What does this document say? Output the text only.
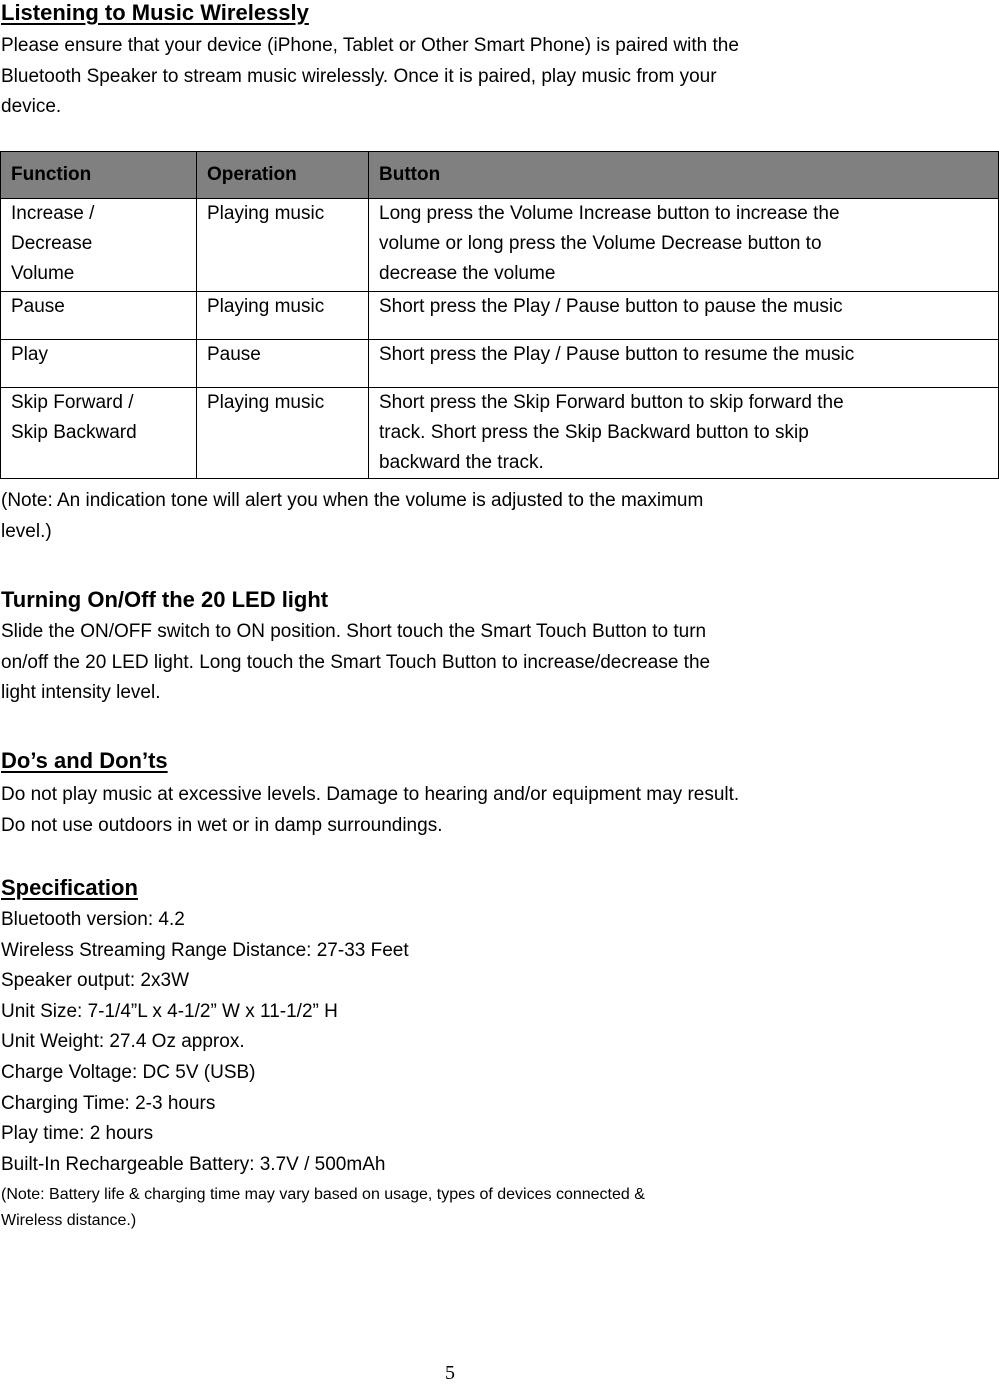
Listening to Music Wirelessly

Please ensure that your device (iPhone, Tablet or Other Smart Phone) is paired with the
Bluetooth Speaker to stream music wirelessly. Once it is paired, play music from your
device.

Function	Operation	Button

Increase /
Decrease
Volume	Playing music	Long press the Volume Increase button to increase the
volume or long press the Volume Decrease button to
decrease the volume

Pause	Playing music	Short press the Play / Pause button to pause the music

Play	Pause	Short press the Play / Pause button to resume the music

Skip Forward /
Skip Backward	Playing music	Short press the Skip Forward button to skip forward the
track. Short press the Skip Backward button to skip
backward the track.

(Note: An indication tone will alert you when the volume is adjusted to the maximum
level.)

Turning On/Off the 20 LED light

Slide the ON/OFF switch to ON position. Short touch the Smart Touch Button to turn
on/off the 20 LED light. Long touch the Smart Touch Button to increase/decrease the
light intensity level.

Do’s and Don’ts

Do not play music at excessive levels. Damage to hearing and/or equipment may result.
Do not use outdoors in wet or in damp surroundings.

Specification
Bluetooth version: 4.2
Wireless Streaming Range Distance: 27-33 Feet
Speaker output: 2x3W
Unit Size: 7-1/4”L x 4-1/2” W x 11-1/2” H
Unit Weight: 27.4 Oz approx.
Charge Voltage: DC 5V (USB)
Charging Time: 2-3 hours
Play time: 2 hours
Built-In Rechargeable Battery: 3.7V / 500mAh

(Note: Battery life & charging time may vary based on usage, types of devices connected &
Wireless distance.)

5
